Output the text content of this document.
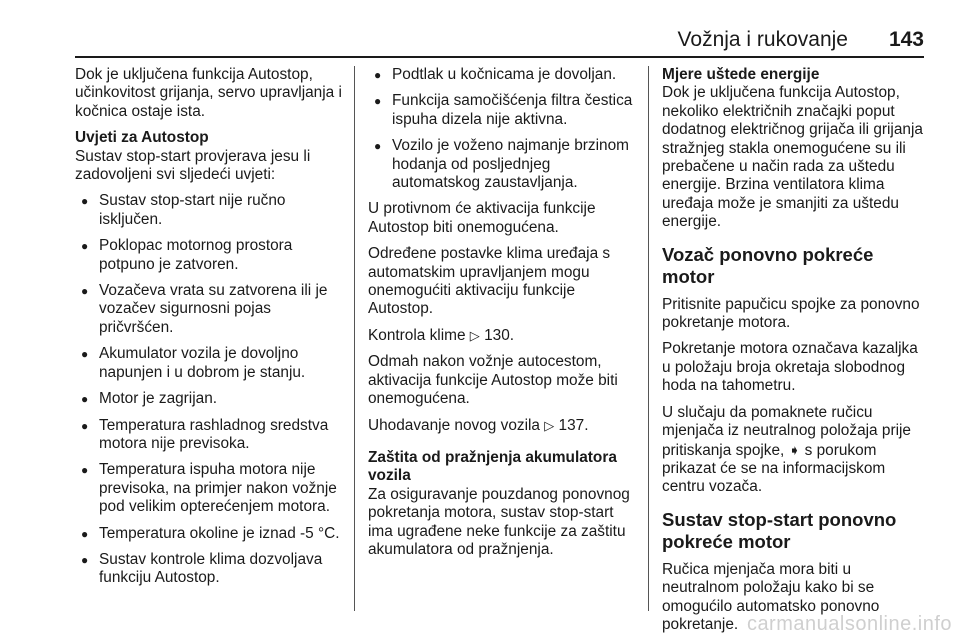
Vožnja i rukovanje 143

Dok je uključena funkcija Autostop, učinkovitost grijanja, servo upravljanja i kočnica ostaje ista.

Uvjeti za Autostop

Sustav stop-start provjerava jesu li zadovoljeni svi sljedeći uvjeti:

● Sustav stop-start nije ručno isključen.
● Poklopac motornog prostora potpuno je zatvoren.
● Vozačeva vrata su zatvorena ili je vozačev sigurnosni pojas pričvršćen.
● Akumulator vozila je dovoljno napunjen i u dobrom je stanju.
● Motor je zagrijan.
● Temperatura rashladnog sredstva motora nije previsoka.
● Temperatura ispuha motora nije previsoka, na primjer nakon vožnje pod velikim opterećenjem motora.
● Temperatura okoline je iznad -5 °C.
● Sustav kontrole klima dozvoljava funkciju Autostop.
● Podtlak u kočnicama je dovoljan.
● Funkcija samočišćenja filtra čestica ispuha dizela nije aktivna.
● Vozilo je voženo najmanje brzinom hodanja od posljednjeg automatskog zaustavljanja.

U protivnom će aktivacija funkcije Autostop biti onemogućena.

Određene postavke klima uređaja s automatskim upravljanjem mogu onemogućiti aktivaciju funkcije Autostop.

Kontrola klime ▷ 130.

Odmah nakon vožnje autocestom, aktivacija funkcije Autostop može biti onemogućena.

Uhodavanje novog vozila ▷ 137.

Zaštita od pražnjenja akumulatora vozila

Za osiguravanje pouzdanog ponovnog pokretanja motora, sustav stop-start ima ugrađene neke funkcije za zaštitu akumulatora od pražnjenja.

Mjere uštede energije

Dok je uključena funkcija Autostop, nekoliko električnih značajki poput dodatnog električnog grijača ili grijanja stražnjeg stakla onemogućene su ili prebačene u način rada za uštedu energije. Brzina ventilatora klima uređaja može je smanjiti za uštedu energije.

Vozač ponovno pokreće motor

Pritisnite papučicu spojke za ponovno pokretanje motora.

Pokretanje motora označava kazaljka u položaju broja okretaja slobodnog hoda na tahometru.

U slučaju da pomaknete ručicu mjenjača iz neutralnog položaja prije pritiskanja spojke, ➧ s porukom prikazat će se na informacijskom centru vozača.

Sustav stop-start ponovno pokreće motor

Ručica mjenjača mora biti u neutralnom položaju kako bi se omogućilo automatsko ponovno pokretanje. carmanualsonline.info
